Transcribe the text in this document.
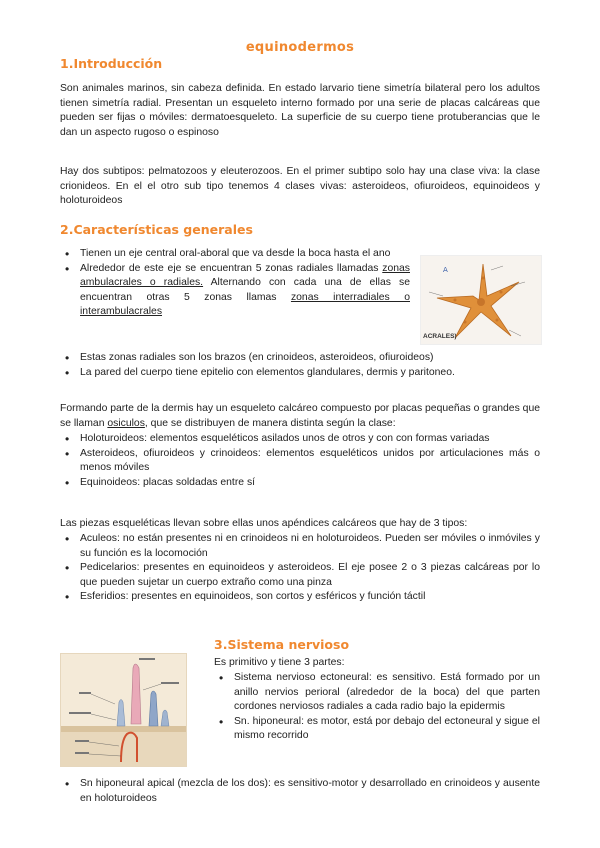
equinodermos
1.Introducción
Son animales marinos, sin cabeza definida. En estado larvario tiene simetría bilateral pero los adultos tienen simetría radial. Presentan un esqueleto interno formado por una serie de placas calcáreas que pueden ser fijas o móviles: dermatoesqueleto. La superficie de su cuerpo tiene protuberancias que le dan un aspecto rugoso o espinoso
Hay dos subtipos: pelmatozoos y eleuterozoos. En el primer subtipo solo hay una clase viva: la clase crionideos. En el el otro sub tipo tenemos 4 clases vivas: asteroideos, ofiuroideos, equinoideos y holoturoideos
2.Características generales
• Tienen un eje central oral-aboral que va desde la boca hasta el ano
• Alrededor de este eje se encuentran 5 zonas radiales llamadas zonas ambulacrales o radiales. Alternando con cada una de ellas se encuentran otras 5 zonas llamas zonas interradiales o interambulacrales
A
ACRALES)
• Estas zonas radiales son los brazos (en crinoideos, asteroideos, ofiuroideos)
• La pared del cuerpo tiene epitelio con elementos glandulares, dermis y paritoneo.
Formando parte de la dermis hay un esqueleto calcáreo compuesto por placas pequeñas o grandes que se llaman osiculos, que se distribuyen de manera distinta según la clase:
• Holoturoideos: elementos esqueléticos asilados unos de otros y con con formas variadas
• Asteroideos, ofiuroideos y crinoideos: elementos esqueléticos unidos por articulaciones más o menos móviles
• Equinoideos: placas soldadas entre sí
Las piezas esqueléticas llevan sobre ellas unos apéndices calcáreos que hay de 3 tipos:
• Aculeos: no están presentes ni en crinoideos ni en holoturoideos. Pueden ser móviles o inmóviles y su función es la locomoción
• Pedicelarios: presentes en equinoideos y asteroideos. El eje posee 2 o 3 piezas calcáreas por lo que pueden sujetar un cuerpo extraño como una pinza
• Esferidios: presentes en equinoideos, son cortos y esféricos y función táctil
3.Sistema nervioso
Es primitivo y tiene 3 partes:
• Sistema nervioso ectoneural: es sensitivo. Está formado por un anillo nervios perioral (alrededor de la boca) del que parten cordones nerviosos radiales a cada radio bajo la epidermis
• Sn. hiponeural: es motor, está por debajo del ectoneural y sigue el mismo recorrido
• Sn hiponeural apical (mezcla de los dos): es sensitivo-motor y desarrollado en crinoideos y ausente en holoturoideos
